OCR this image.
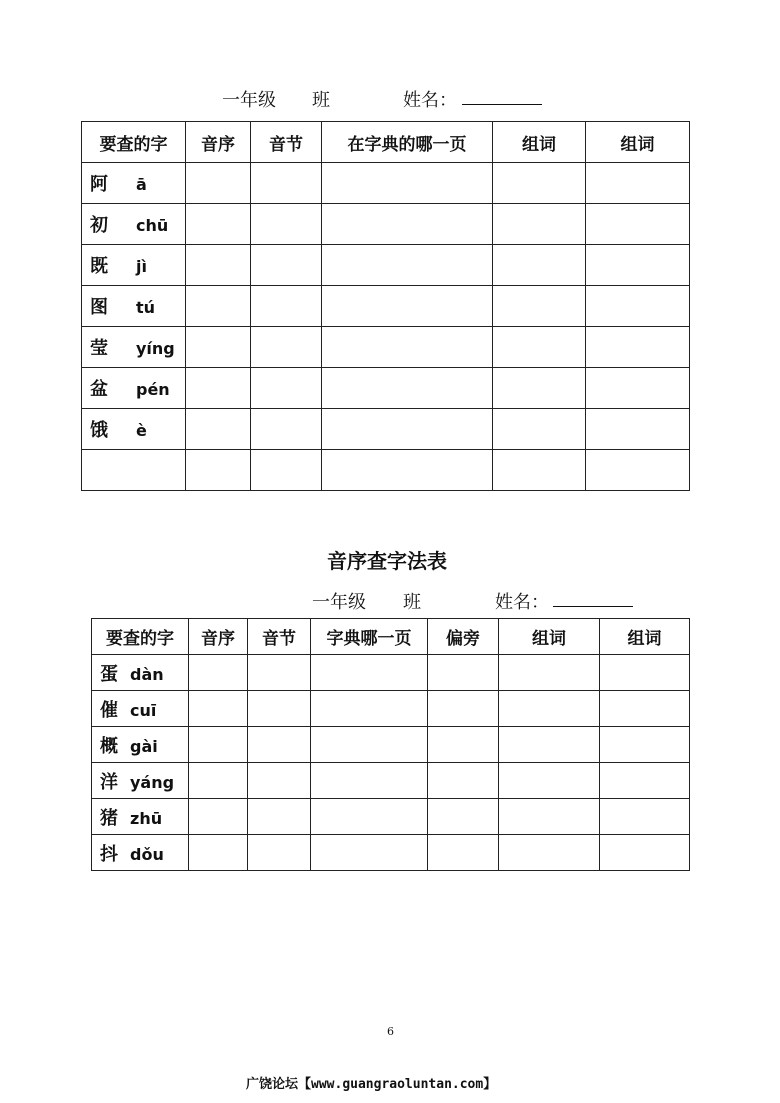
一年级 班	姓名：
要查的字	音序	音节	在字典的哪一页	组词	组词
阿 ā					
初 chū					
既 jì					
图 tú					
莹 yíng					
盆 pén					
饿 è					

音序查字法表
一年级 班	姓名：
要查的字	音序	音节	字典哪一页	偏旁	组词	组词
蛋 dàn						
催 cuī						
概 gài						
洋 yáng						
猪 zhū						
抖 dǒu						
6
广饶论坛【www.guangraoluntan.com】
